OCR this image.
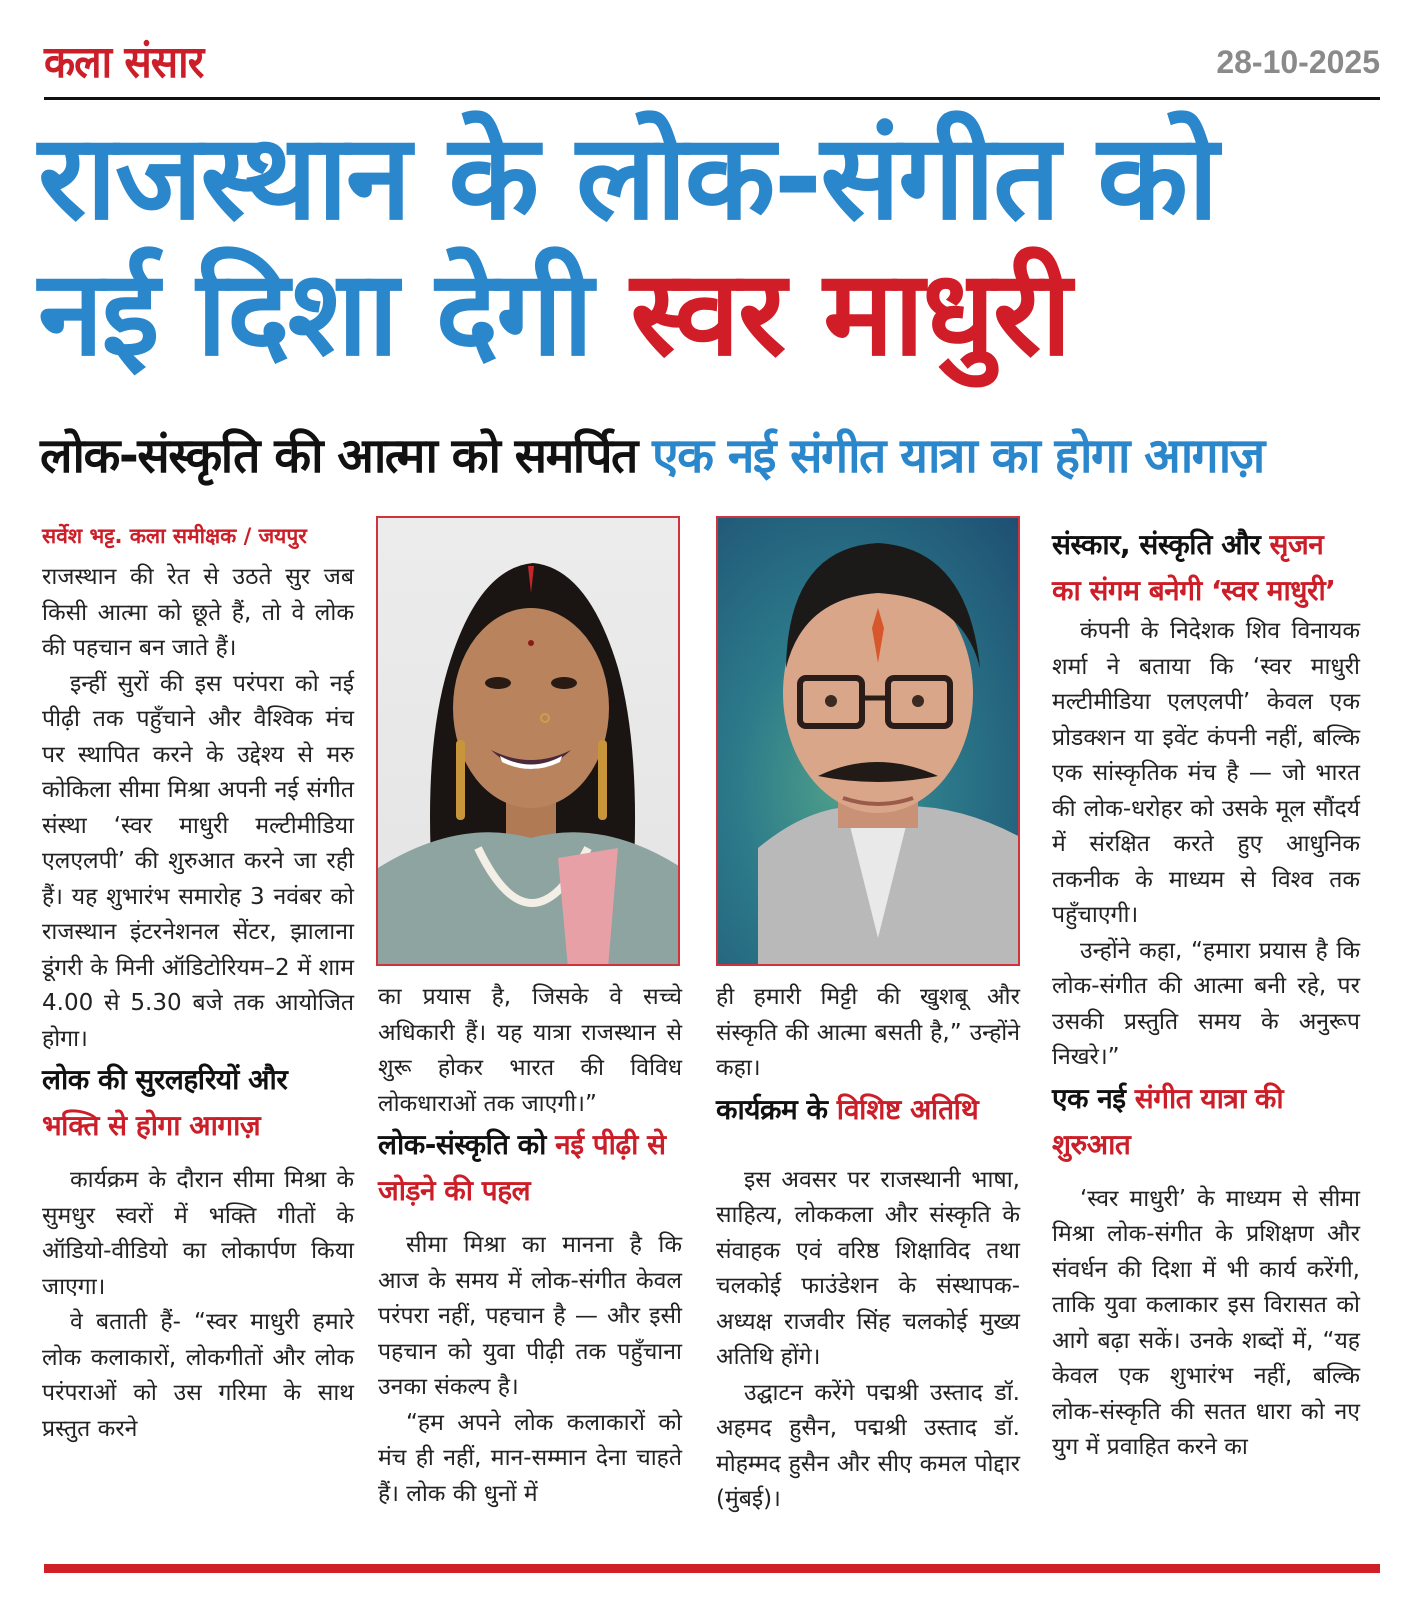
कला संसार	28-10-2025
राजस्थान के लोक-संगीत को
नई दिशा देगी स्वर माधुरी
लोक-संस्कृति की आत्मा को समर्पित एक नई संगीत यात्रा का होगा आगाज़
सर्वेश भट्ट. कला समीक्षक / जयपुर

राजस्थान की रेत से उठते सुर जब किसी आत्मा को छूते हैं, तो वे लोक की पहचान बन जाते हैं।

इन्हीं सुरों की इस परंपरा को नई पीढ़ी तक पहुँचाने और वैश्विक मंच पर स्थापित करने के उद्देश्य से मरु कोकिला सीमा मिश्रा अपनी नई संगीत संस्था ‘स्वर माधुरी मल्टीमीडिया एलएलपी’ की शुरुआत करने जा रही हैं। यह शुभारंभ समारोह 3 नवंबर को राजस्थान इंटरनेशनल सेंटर, झालाना डूंगरी के मिनी ऑडिटोरियम–2 में शाम 4.00 से 5.30 बजे तक आयोजित होगा।

लोक की सुरलहरियों और
भक्ति से होगा आगाज़

कार्यक्रम के दौरान सीमा मिश्रा के सुमधुर स्वरों में भक्ति गीतों के ऑडियो-वीडियो का लोकार्पण किया जाएगा।

वे बताती हैं- “स्वर माधुरी हमारे लोक कलाकारों, लोकगीतों और लोक परंपराओं को उस गरिमा के साथ प्रस्तुत करने

का प्रयास है, जिसके वे सच्चे अधिकारी हैं। यह यात्रा राजस्थान से शुरू होकर भारत की विविध लोकधाराओं तक जाएगी।”

लोक-संस्कृति को नई पीढ़ी से जोड़ने की पहल

सीमा मिश्रा का मानना है कि आज के समय में लोक-संगीत केवल परंपरा नहीं, पहचान है — और इसी पहचान को युवा पीढ़ी तक पहुँचाना उनका संकल्प है।

“हम अपने लोक कलाकारों को मंच ही नहीं, मान-सम्मान देना चाहते हैं। लोक की धुनों में

ही हमारी मिट्टी की खुशबू और संस्कृति की आत्मा बसती है,” उन्होंने कहा।

कार्यक्रम के विशिष्ट अतिथि

इस अवसर पर राजस्थानी भाषा, साहित्य, लोककला और संस्कृति के संवाहक एवं वरिष्ठ शिक्षाविद तथा चलकोई फाउंडेशन के संस्थापक-अध्यक्ष राजवीर सिंह चलकोई मुख्य अतिथि होंगे।

उद्घाटन करेंगे पद्मश्री उस्ताद डॉ. अहमद हुसैन, पद्मश्री उस्ताद डॉ. मोहम्मद हुसैन और सीए कमल पोद्दार (मुंबई)।

संस्कार, संस्कृति और सृजन का संगम बनेगी ‘स्वर माधुरी’

कंपनी के निदेशक शिव विनायक शर्मा ने बताया कि ‘स्वर माधुरी मल्टीमीडिया एलएलपी’ केवल एक प्रोडक्शन या इवेंट कंपनी नहीं, बल्कि एक सांस्कृतिक मंच है — जो भारत की लोक-धरोहर को उसके मूल सौंदर्य में संरक्षित करते हुए आधुनिक तकनीक के माध्यम से विश्व तक पहुँचाएगी।

उन्होंने कहा, “हमारा प्रयास है कि लोक-संगीत की आत्मा बनी रहे, पर उसकी प्रस्तुति समय के अनुरूप निखरे।”

एक नई संगीत यात्रा की शुरुआत

‘स्वर माधुरी’ के माध्यम से सीमा मिश्रा लोक-संगीत के प्रशिक्षण और संवर्धन की दिशा में भी कार्य करेंगी, ताकि युवा कलाकार इस विरासत को आगे बढ़ा सकें। उनके शब्दों में, “यह केवल एक शुभारंभ नहीं, बल्कि लोक-संस्कृति की सतत धारा को नए युग में प्रवाहित करने का
